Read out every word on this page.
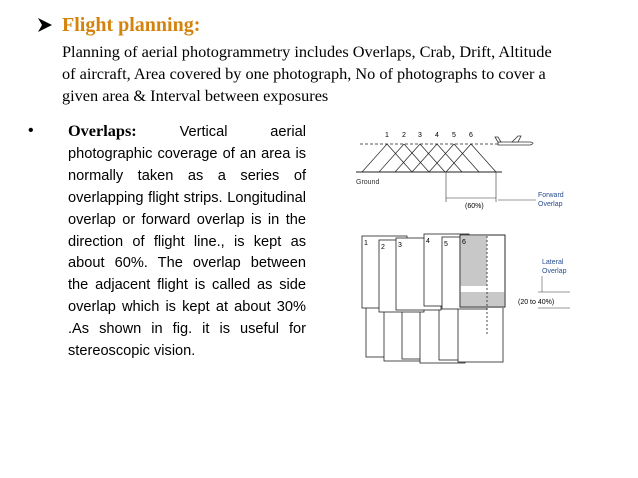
Flight planning:
Planning of aerial photogrammetry includes Overlaps, Crab, Drift, Altitude
of aircraft, Area covered by one photograph, No of photographs to cover a
given area & Interval between exposures
•	Overlaps: Vertical aerial photographic coverage of an area is normally taken as a series of overlapping flight strips. Longitudinal overlap or forward overlap is in the direction of flight line., is kept as about 60%. The overlap between the adjacent flight is called as side overlap which is kept at about 30% .As shown in fig. it is useful for stereoscopic vision.
1 2 3 4 5 6
Ground
(60%)
Forward
Overlap
1
2 3
4 5 6
Lateral
Overlap
(20 to 40%)
